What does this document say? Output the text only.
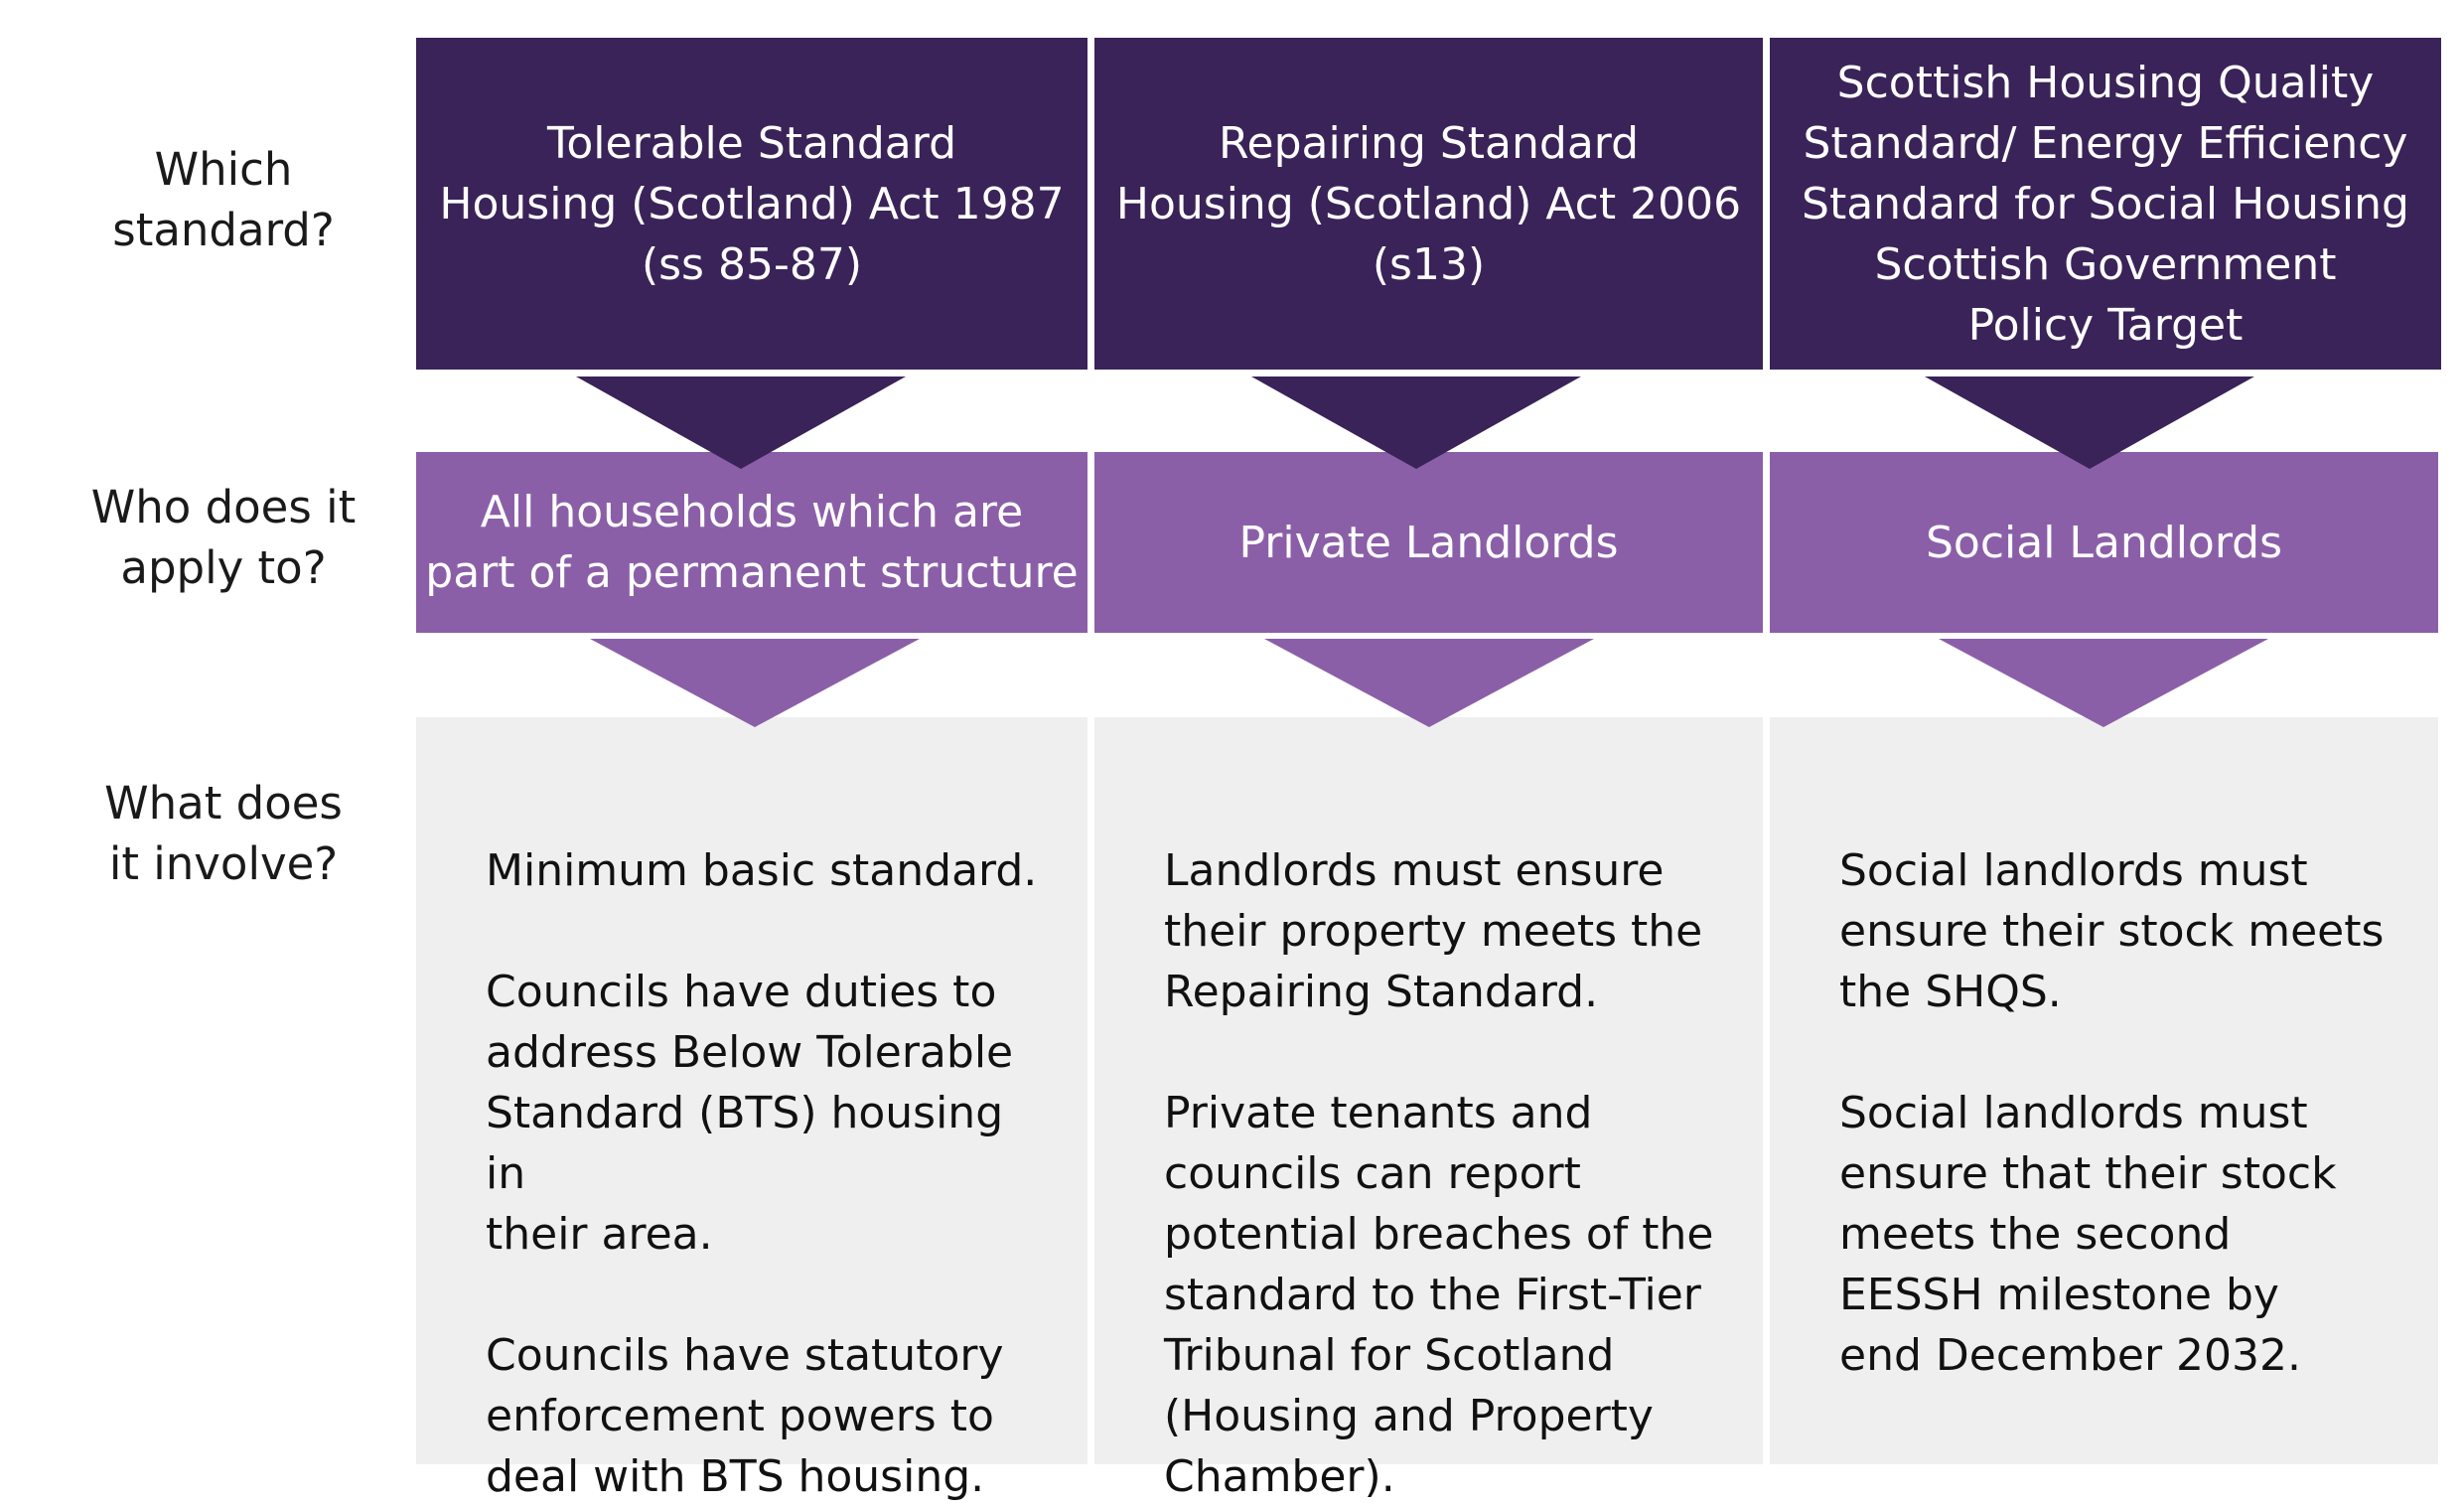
Which
standard?
Who does it
apply to?
What does
it involve?
Tolerable Standard
Housing (Scotland) Act 1987
(ss 85-87)
Repairing Standard
Housing (Scotland) Act 2006
(s13)
Scottish Housing Quality
Standard/ Energy Efficiency
Standard for Social Housing
Scottish Government
Policy Target
All households which are
part of a permanent structure
Private Landlords	Social Landlords

Minimum basic standard.

Councils have duties to
address Below Tolerable
Standard (BTS) housing in
their area.

Councils have statutory
enforcement powers to
deal with BTS housing.

Landlords must ensure
their property meets the
Repairing Standard.

Private tenants and
councils can report
potential breaches of the
standard to the First-Tier
Tribunal for Scotland
(Housing and Property
Chamber).

Social landlords must
ensure their stock meets
the SHQS.

Social landlords must
ensure that their stock
meets the second
EESSH milestone by
end December 2032.
